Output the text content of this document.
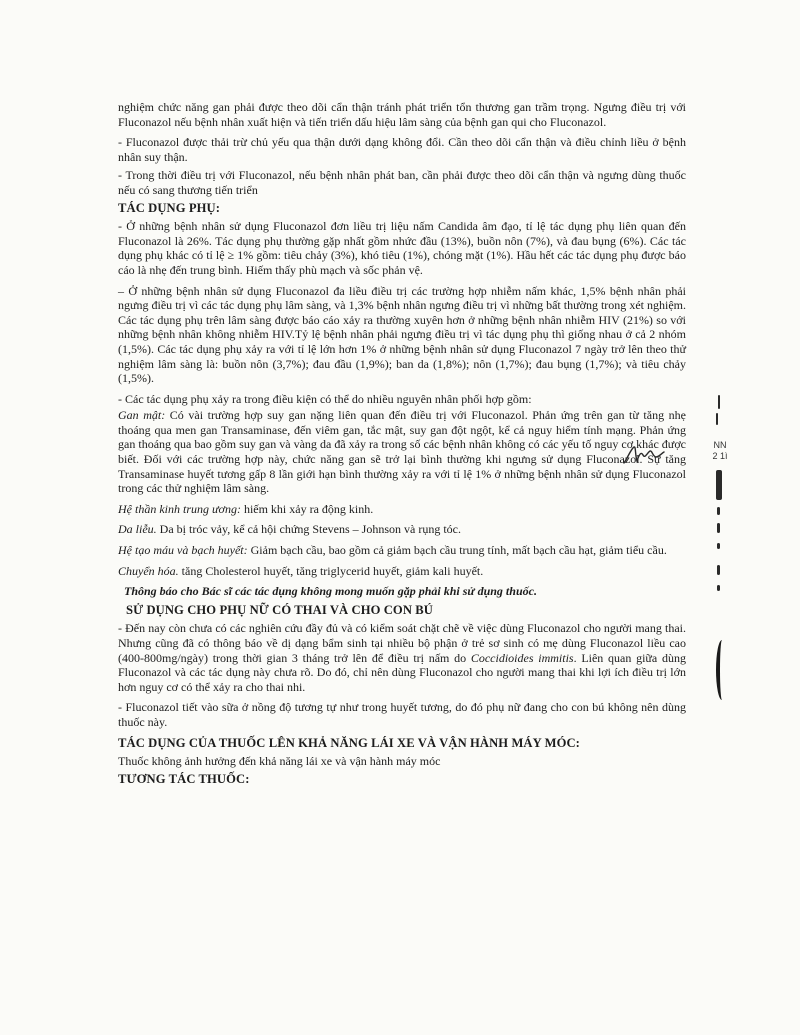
nghiệm chức năng gan phải được theo dõi cẩn thận tránh phát triển tổn thương gan trầm trọng. Ngưng điều trị với Fluconazol nếu bệnh nhân xuất hiện và tiến triển dấu hiệu lâm sàng của bệnh gan qui cho Fluconazol.

- Fluconazol được thải trừ chủ yếu qua thận dưới dạng không đổi. Cần theo dõi cẩn thận và điều chỉnh liều ở bệnh nhân suy thận.

- Trong thời điều trị với Fluconazol, nếu bệnh nhân phát ban, cần phải được theo dõi cẩn thận và ngưng dùng thuốc nếu có sang thương tiến triển

TÁC DỤNG PHỤ:

- Ở những bệnh nhân sử dụng Fluconazol đơn liều trị liệu nấm Candida âm đạo, tỉ lệ tác dụng phụ liên quan đến Fluconazol là 26%. Tác dụng phụ thường gặp nhất gồm nhức đầu (13%), buồn nôn (7%), và đau bụng (6%). Các tác dụng phụ khác có tỉ lệ ≥ 1% gồm: tiêu chảy (3%), khó tiêu (1%), chóng mặt (1%). Hầu hết các tác dụng phụ được báo cáo là nhẹ đến trung bình. Hiếm thấy phù mạch và sốc phản vệ.

– Ở những bệnh nhân sử dụng Fluconazol đa liều điều trị các trường hợp nhiễm nấm khác, 1,5% bệnh nhân phải ngưng điều trị vì các tác dụng phụ lâm sàng, và 1,3% bệnh nhân ngưng điều trị vì những bất thường trong xét nghiệm. Các tác dụng phụ trên lâm sàng được báo cáo xảy ra thường xuyên hơn ở những bệnh nhân nhiễm HIV (21%) so với những bệnh nhân không nhiễm HIV.Tỷ lệ bệnh nhân phải ngưng điều trị vì tác dụng phụ thì giống nhau ở cả 2 nhóm (1,5%). Các tác dụng phụ xảy ra với tỉ lệ lớn hơn 1% ở những bệnh nhân sử dụng Fluconazol 7 ngày trở lên theo thử nghiệm lâm sàng là: buồn nôn (3,7%); đau đầu (1,9%); ban da (1,8%); nôn (1,7%); đau bụng (1,7%); và tiêu chảy (1,5%).

- Các tác dụng phụ xảy ra trong điều kiện có thể do nhiều nguyên nhân phối hợp gồm:

Gan mật: Có vài trường hợp suy gan nặng liên quan đến điều trị với Fluconazol. Phản ứng trên gan từ tăng nhẹ thoáng qua men gan Transaminase, đến viêm gan, tắc mật, suy gan đột ngột, kể cả nguy hiểm tính mạng. Phản ứng gan thoáng qua bao gồm suy gan và vàng da đã xảy ra trong số các bệnh nhân không có các yếu tố nguy cơ khác được biết. Đối với các trường hợp này, chức năng gan sẽ trở lại bình thường khi ngưng sử dụng Fluconazol. Sự tăng Transaminase huyết tương gấp 8 lần giới hạn bình thường xảy ra với tỉ lệ 1% ở những bệnh nhân sử dụng Fluconazol trong các thử nghiệm lâm sàng.

Hệ thần kinh trung ương: hiếm khi xảy ra động kinh.

Da liễu. Da bị tróc vảy, kể cả hội chứng Stevens – Johnson và rụng tóc.

Hệ tạo máu và bạch huyết: Giảm bạch cầu, bao gồm cả giảm bạch cầu trung tính, mất bạch cầu hạt, giảm tiểu cầu.

Chuyển hóa. tăng Cholesterol huyết, tăng triglycerid huyết, giảm kali huyết.

Thông báo cho Bác sĩ các tác dụng không mong muốn gặp phải khi sử dụng thuốc.

SỬ DỤNG CHO PHỤ NỮ CÓ THAI VÀ CHO CON BÚ

- Đến nay còn chưa có các nghiên cứu đầy đủ và có kiểm soát chặt chẽ về việc dùng Fluconazol cho người mang thai. Nhưng cũng đã có thông báo về dị dạng bẩm sinh tại nhiều bộ phận ở trẻ sơ sinh có mẹ dùng Fluconazol liều cao (400-800mg/ngày) trong thời gian 3 tháng trở lên để điều trị nấm do Coccidioides immitis. Liên quan giữa dùng Fluconazol và các tác dụng này chưa rõ. Do đó, chỉ nên dùng Fluconazol cho người mang thai khi lợi ích điều trị lớn hơn nguy cơ có thể xảy ra cho thai nhi.

- Fluconazol tiết vào sữa ở nồng độ tương tự như trong huyết tương, do đó phụ nữ đang cho con bú không nên dùng thuốc này.

TÁC DỤNG CỦA THUỐC LÊN KHẢ NĂNG LÁI XE VÀ VẬN HÀNH MÁY MÓC:

Thuốc không ảnh hưởng đến khả năng lái xe và vận hành máy móc

TƯƠNG TÁC THUỐC:
NN
2 1ì
